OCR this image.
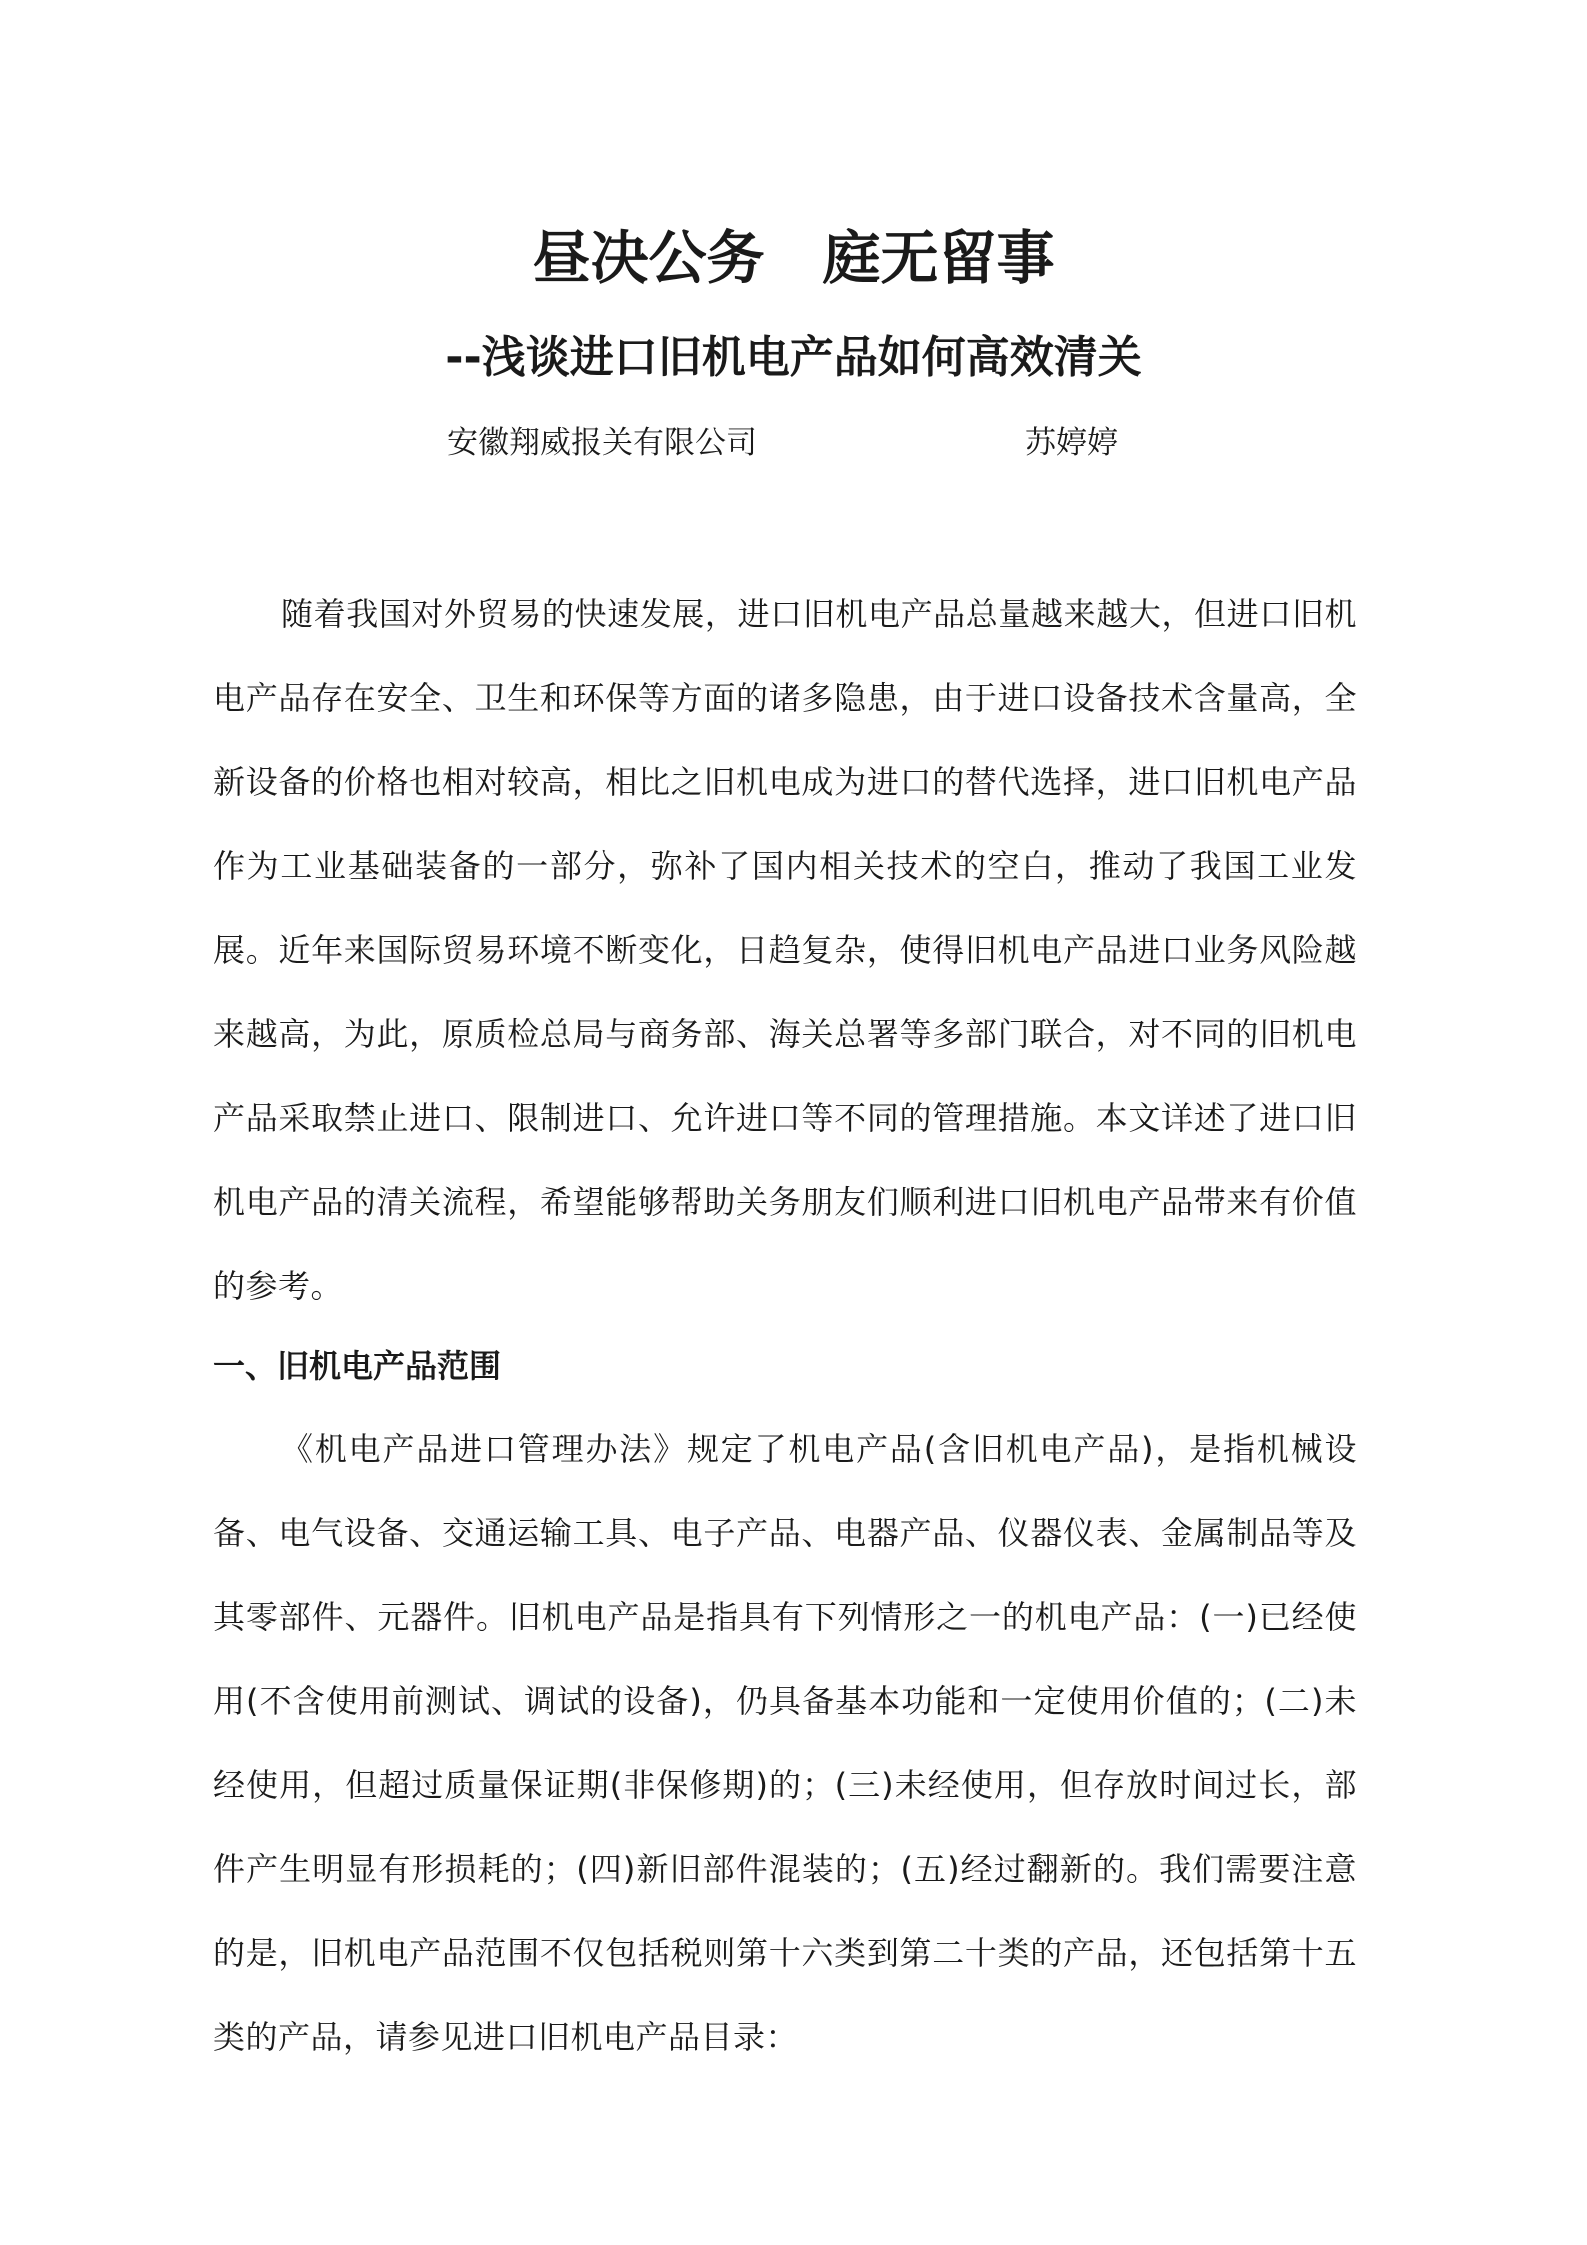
昼决公务　庭无留事
--浅谈进口旧机电产品如何高效清关
安徽翔威报关有限公司	苏婷婷

随着我国对外贸易的快速发展，进口旧机电产品总量越来越大，但进口旧机电产品存在安全、卫生和环保等方面的诸多隐患，由于进口设备技术含量高，全新设备的价格也相对较高，相比之旧机电成为进口的替代选择，进口旧机电产品作为工业基础装备的一部分，弥补了国内相关技术的空白，推动了我国工业发展。近年来国际贸易环境不断变化，日趋复杂，使得旧机电产品进口业务风险越来越高，为此，原质检总局与商务部、海关总署等多部门联合，对不同的旧机电产品采取禁止进口、限制进口、允许进口等不同的管理措施。本文详述了进口旧机电产品的清关流程，希望能够帮助关务朋友们顺利进口旧机电产品带来有价值的参考。

一、旧机电产品范围

《机电产品进口管理办法》规定了机电产品(含旧机电产品)，是指机械设备、电气设备、交通运输工具、电子产品、电器产品、仪器仪表、金属制品等及其零部件、元器件。旧机电产品是指具有下列情形之一的机电产品：(一)已经使用(不含使用前测试、调试的设备)，仍具备基本功能和一定使用价值的；(二)未经使用，但超过质量保证期(非保修期)的；(三)未经使用，但存放时间过长，部件产生明显有形损耗的；(四)新旧部件混装的；(五)经过翻新的。我们需要注意的是，旧机电产品范围不仅包括税则第十六类到第二十类的产品，还包括第十五类的产品，请参见进口旧机电产品目录：
